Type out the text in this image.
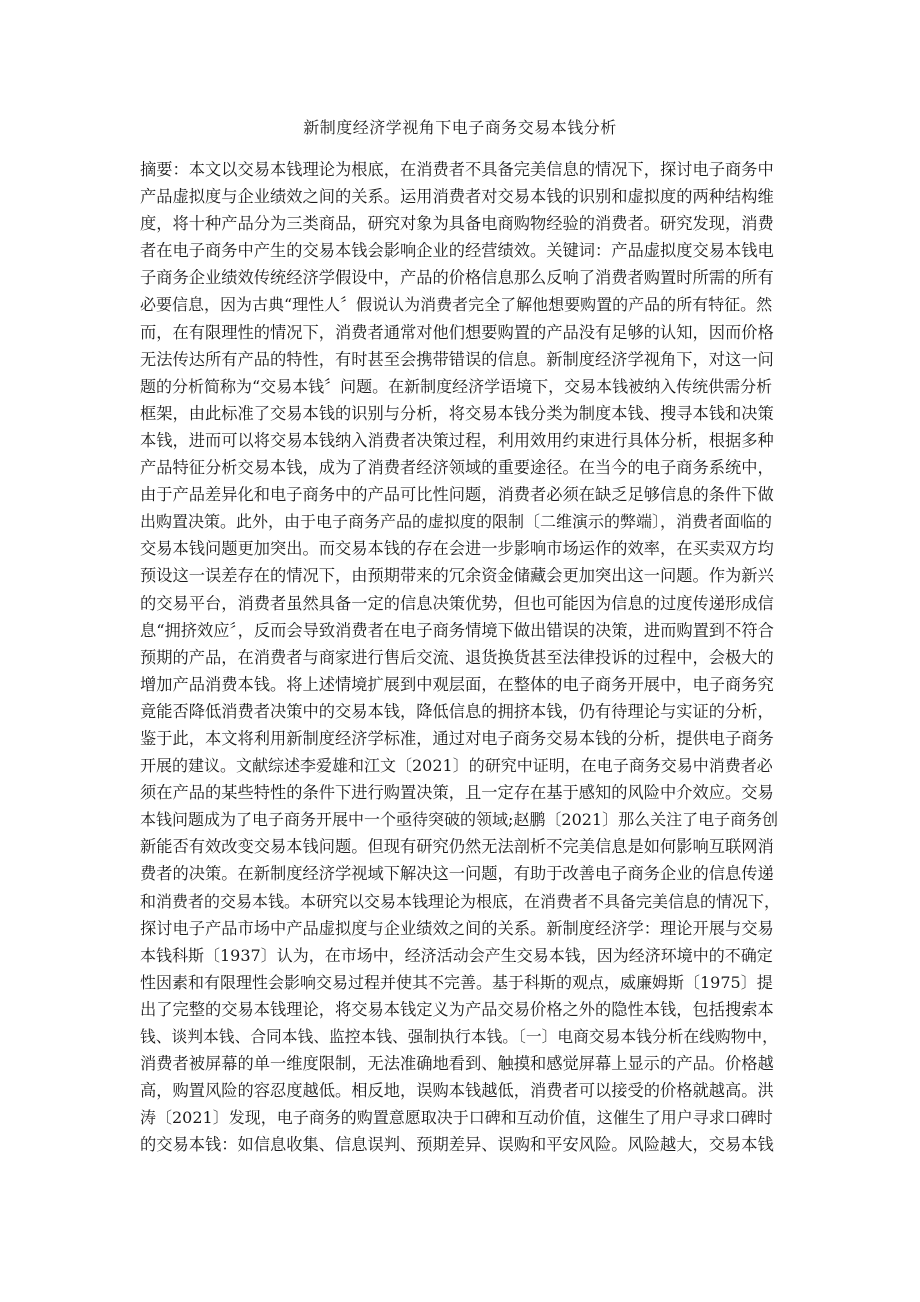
新制度经济学视角下电子商务交易本钱分析
摘要：本文以交易本钱理论为根底，在消费者不具备完美信息的情况下，探讨电子商务中
产品虚拟度与企业绩效之间的关系。运用消费者对交易本钱的识别和虚拟度的两种结构维
度，将十种产品分为三类商品，研究对象为具备电商购物经验的消费者。研究发现，消费
者在电子商务中产生的交易本钱会影响企业的经营绩效。关键词：产品虚拟度交易本钱电
子商务企业绩效传统经济学假设中，产品的价格信息那么反响了消费者购置时所需的所有
必要信息，因为古典“理性人〞假说认为消费者完全了解他想要购置的产品的所有特征。然
而，在有限理性的情况下，消费者通常对他们想要购置的产品没有足够的认知，因而价格
无法传达所有产品的特性，有时甚至会携带错误的信息。新制度经济学视角下，对这一问
题的分析简称为“交易本钱〞问题。在新制度经济学语境下，交易本钱被纳入传统供需分析
框架，由此标准了交易本钱的识别与分析，将交易本钱分类为制度本钱、搜寻本钱和决策
本钱，进而可以将交易本钱纳入消费者决策过程，利用效用约束进行具体分析，根据多种
产品特征分析交易本钱，成为了消费者经济领域的重要途径。在当今的电子商务系统中，
由于产品差异化和电子商务中的产品可比性问题，消费者必须在缺乏足够信息的条件下做
出购置决策。此外，由于电子商务产品的虚拟度的限制〔二维演示的弊端〕，消费者面临的
交易本钱问题更加突出。而交易本钱的存在会进一步影响市场运作的效率，在买卖双方均
预设这一误差存在的情况下，由预期带来的冗余资金储藏会更加突出这一问题。作为新兴
的交易平台，消费者虽然具备一定的信息决策优势，但也可能因为信息的过度传递形成信
息“拥挤效应〞，反而会导致消费者在电子商务情境下做出错误的决策，进而购置到不符合
预期的产品，在消费者与商家进行售后交流、退货换货甚至法律投诉的过程中，会极大的
增加产品消费本钱。将上述情境扩展到中观层面，在整体的电子商务开展中，电子商务究
竟能否降低消费者决策中的交易本钱，降低信息的拥挤本钱，仍有待理论与实证的分析，
鉴于此，本文将利用新制度经济学标准，通过对电子商务交易本钱的分析，提供电子商务
开展的建议。文献综述李爱雄和江文〔2021〕的研究中证明，在电子商务交易中消费者必
须在产品的某些特性的条件下进行购置决策，且一定存在基于感知的风险中介效应。交易
本钱问题成为了电子商务开展中一个亟待突破的领域;赵鹏〔2021〕那么关注了电子商务创
新能否有效改变交易本钱问题。但现有研究仍然无法剖析不完美信息是如何影响互联网消
费者的决策。在新制度经济学视域下解决这一问题，有助于改善电子商务企业的信息传递
和消费者的交易本钱。本研究以交易本钱理论为根底，在消费者不具备完美信息的情况下，
探讨电子产品市场中产品虚拟度与企业绩效之间的关系。新制度经济学：理论开展与交易
本钱科斯〔1937〕认为，在市场中，经济活动会产生交易本钱，因为经济环境中的不确定
性因素和有限理性会影响交易过程并使其不完善。基于科斯的观点，威廉姆斯〔1975〕提
出了完整的交易本钱理论，将交易本钱定义为产品交易价格之外的隐性本钱，包括搜索本
钱、谈判本钱、合同本钱、监控本钱、强制执行本钱。〔一〕电商交易本钱分析在线购物中，
消费者被屏幕的单一维度限制，无法准确地看到、触摸和感觉屏幕上显示的产品。价格越
高，购置风险的容忍度越低。相反地，误购本钱越低，消费者可以接受的价格就越高。洪
涛〔2021〕发现，电子商务的购置意愿取决于口碑和互动价值，这催生了用户寻求口碑时
的交易本钱：如信息收集、信息误判、预期差异、误购和平安风险。风险越大，交易本钱
